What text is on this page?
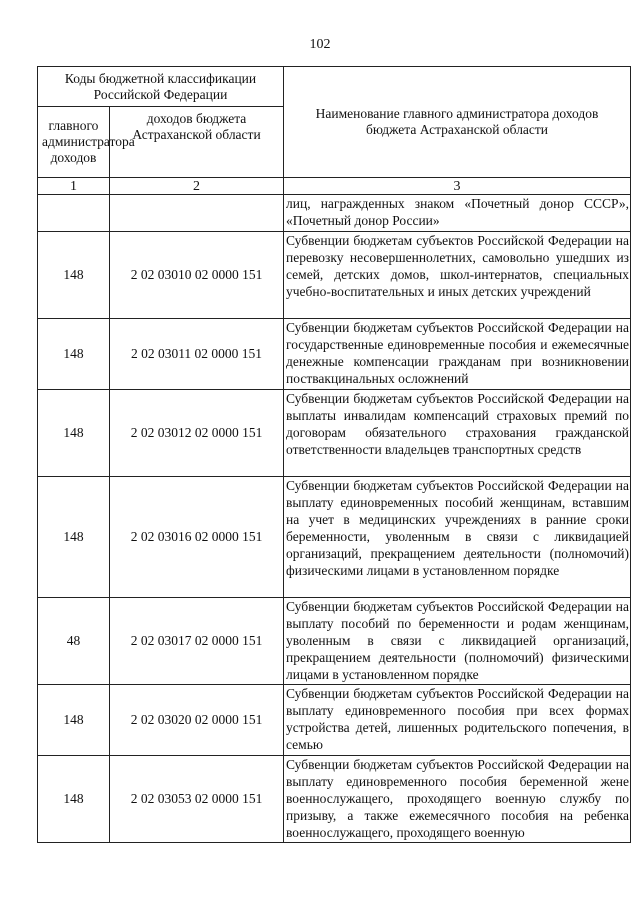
102
Коды бюджетной классификации Российской Федерации		Наименование главного администратора доходов бюджета Астраханской области
главного администратора доходов	доходов бюджета Астраханской области	
1	2	3
		лиц, награжденных знаком «Почетный донор СССР», «Почетный донор России»
148	2 02 03010 02 0000 151	Субвенции бюджетам субъектов Российской Федерации на перевозку несовершеннолетних, самовольно ушедших из семей, детских домов, школ-интернатов, специальных учебно-воспитательных и иных детских учреждений
148	2 02 03011 02 0000 151	Субвенции бюджетам субъектов Российской Федерации на государственные единовременные пособия и ежемесячные денежные компенсации гражданам при возникновении поствакцинальных осложнений
148	2 02 03012 02 0000 151	Субвенции бюджетам субъектов Российской Федерации на выплаты инвалидам компенсаций страховых премий по договорам обязательного страхования гражданской ответственности владельцев транспортных средств
148	2 02 03016 02 0000 151	Субвенции бюджетам субъектов Российской Федерации на выплату единовременных пособий женщинам, вставшим на учет в медицинских учреждениях в ранние сроки беременности, уволенным в связи с ликвидацией организаций, прекращением деятельности (полномочий) физическими лицами в установленном порядке
48	2 02 03017 02 0000 151	Субвенции бюджетам субъектов Российской Федерации на выплату пособий по беременности и родам женщинам, уволенным в связи с ликвидацией организаций, прекращением деятельности (полномочий) физическими лицами в установленном порядке
148	2 02 03020 02 0000 151	Субвенции бюджетам субъектов Российской Федерации на выплату единовременного пособия при всех формах устройства детей, лишенных родительского попечения, в семью
148	2 02 03053 02 0000 151	Субвенции бюджетам субъектов Российской Федерации на выплату единовременного пособия беременной жене военнослужащего, проходящего военную службу по призыву, а также ежемесячного пособия на ребенка военнослужащего, проходящего военную
